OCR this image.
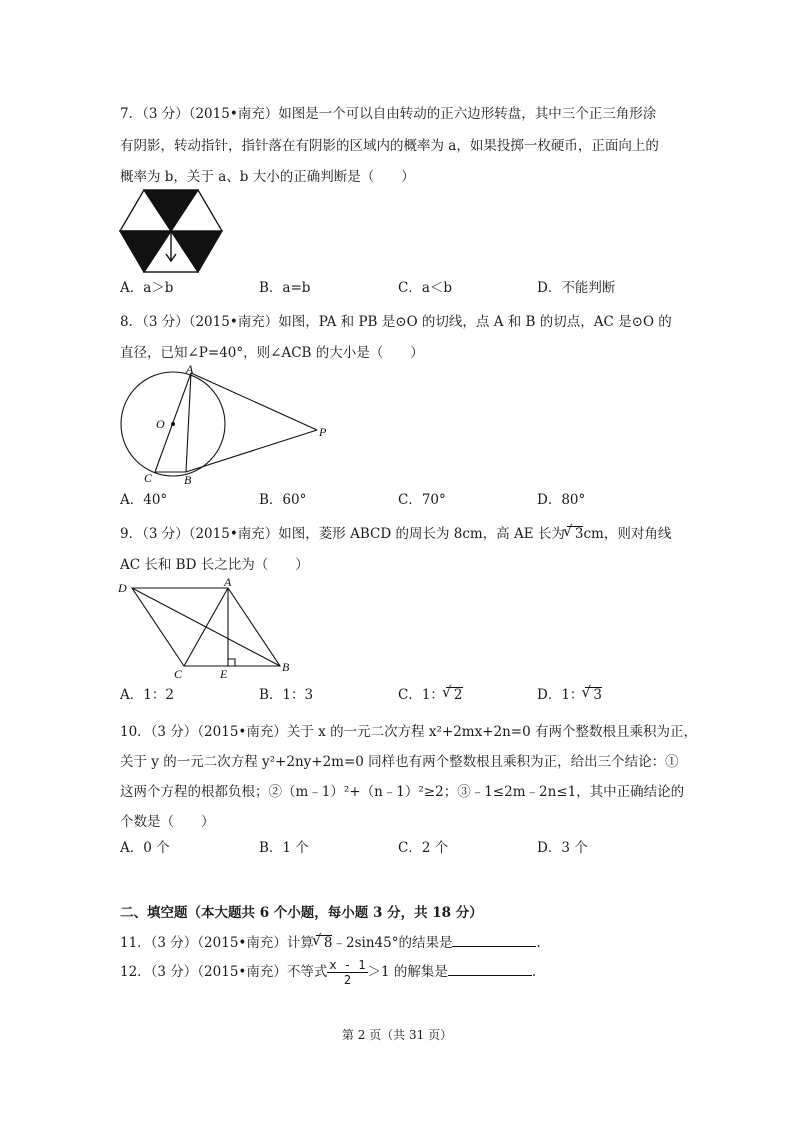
7．（3 分）（2015•南充）如图是一个可以自由转动的正六边形转盘，其中三个正三角形涂
有阴影，转动指针，指针落在有阴影的区域内的概率为 a，如果投掷一枚硬币，正面向上的
概率为 b，关于 a、b 大小的正确判断是（　　）
A．a＞b	B．a=b	C．a＜b	D．不能判断
8．（3 分）（2015•南充）如图，PA 和 PB 是⊙O 的切线，点 A 和 B 的切点，AC 是⊙O 的
直径，已知∠P=40°，则∠ACB 的大小是（　　）
A
O
P
C	B
A．40°	B．60°	C．70°	D．80°
9．（3 分）（2015•南充）如图，菱形 ABCD 的周长为 8cm，高 AE 长为 √ 3cm，则对角线
AC 长和 BD 长之比为（　　）
D	A
C	E	B
A．1：2	B．1：3	C．1： √ 2	D．1： √ 3
10．（3 分）（2015•南充）关于 x 的一元二次方程 x²+2mx+2n=0 有两个整数根且乘积为正，
关于 y 的一元二次方程 y²+2ny+2m=0 同样也有两个整数根且乘积为正，给出三个结论：①
这两个方程的根都负根；②（m﹣1）²+（n﹣1）²≥2；③﹣1≤2m﹣2n≤1，其中正确结论的
个数是（　　）
A．0 个	B．1 个	C．2 个	D．3 个
二、填空题（本大题共 6 个小题，每小题 3 分，共 18 分）
11．（3 分）（2015•南充）计算 √ 8﹣2sin45°的结果是	.
12．（3 分）（2015•南充）不等式 $\frac{x - 1}{2} >1$ 的解集是	.
第 2 页（共 31 页）
